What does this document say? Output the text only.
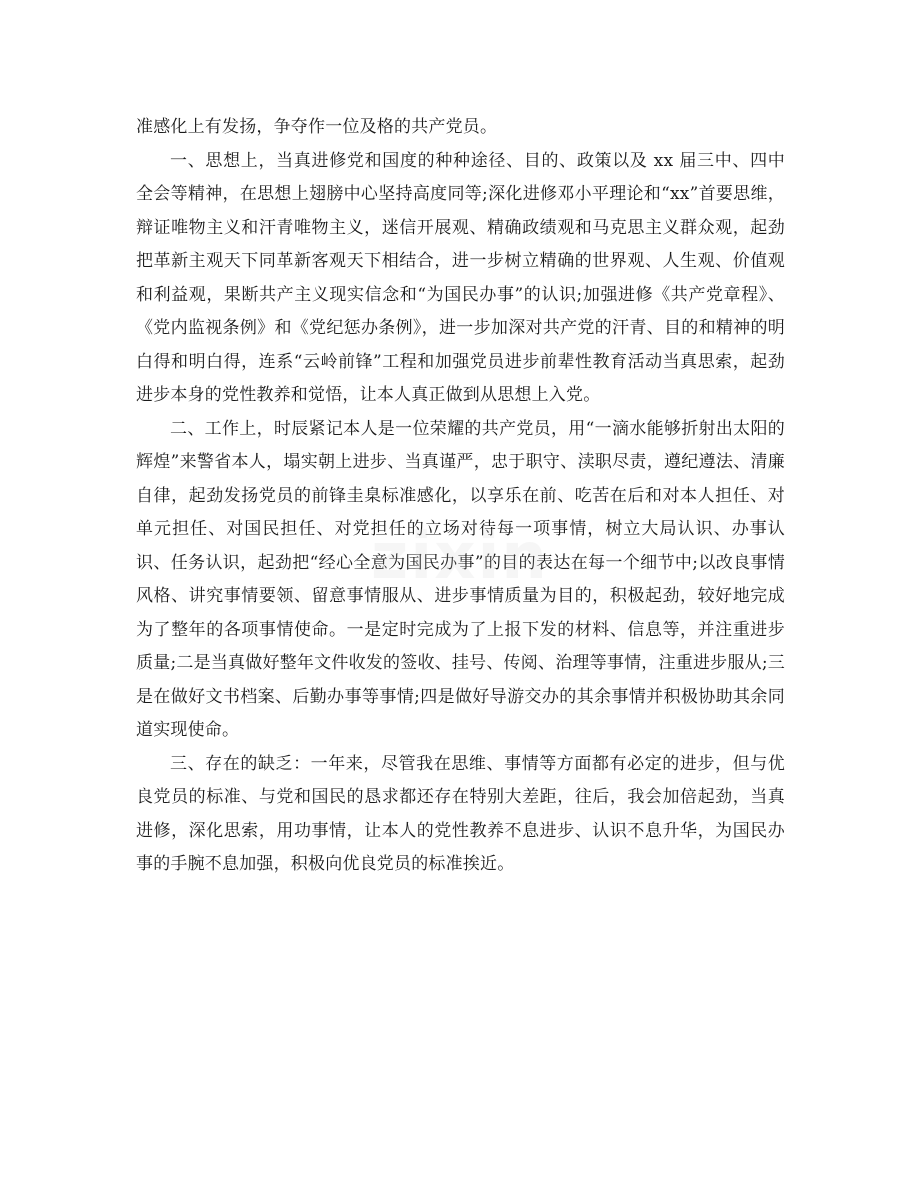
准感化上有发扬，争夺作一位及格的共产党员。

一、思想上，当真进修党和国度的种种途径、目的、政策以及 xx 届三中、四中全会等精神，在思想上翅膀中心坚持高度同等;深化进修邓小平理论和“xx”首要思维，辩证唯物主义和汗青唯物主义，迷信开展观、精确政绩观和马克思主义群众观，起劲把革新主观天下同革新客观天下相结合，进一步树立精确的世界观、人生观、价值观和利益观，果断共产主义现实信念和“为国民办事”的认识;加强进修《共产党章程》、《党内监视条例》和《党纪惩办条例》，进一步加深对共产党的汗青、目的和精神的明白得和明白得，连系“云岭前锋”工程和加强党员进步前辈性教育活动当真思索，起劲进步本身的党性教养和觉悟，让本人真正做到从思想上入党。

二、工作上，时辰紧记本人是一位荣耀的共产党员，用“一滴水能够折射出太阳的辉煌”来警省本人，塌实朝上进步、当真谨严，忠于职守、渎职尽责，遵纪遵法、清廉自律，起劲发扬党员的前锋圭臬标准感化，以享乐在前、吃苦在后和对本人担任、对单元担任、对国民担任、对党担任的立场对待每一项事情，树立大局认识、办事认识、任务认识，起劲把“经心全意为国民办事”的目的表达在每一个细节中;以改良事情风格、讲究事情要领、留意事情服从、进步事情质量为目的，积极起劲，较好地完成为了整年的各项事情使命。一是定时完成为了上报下发的材料、信息等，并注重进步质量;二是当真做好整年文件收发的签收、挂号、传阅、治理等事情，注重进步服从;三是在做好文书档案、后勤办事等事情;四是做好导游交办的其余事情并积极协助其余同道实现使命。

三、存在的缺乏：一年来，尽管我在思维、事情等方面都有必定的进步，但与优良党员的标准、与党和国民的恳求都还存在特别大差距，往后，我会加倍起劲，当真进修，深化思索，用功事情，让本人的党性教养不息进步、认识不息升华，为国民办事的手腕不息加强，积极向优良党员的标准挨近。

zixin
